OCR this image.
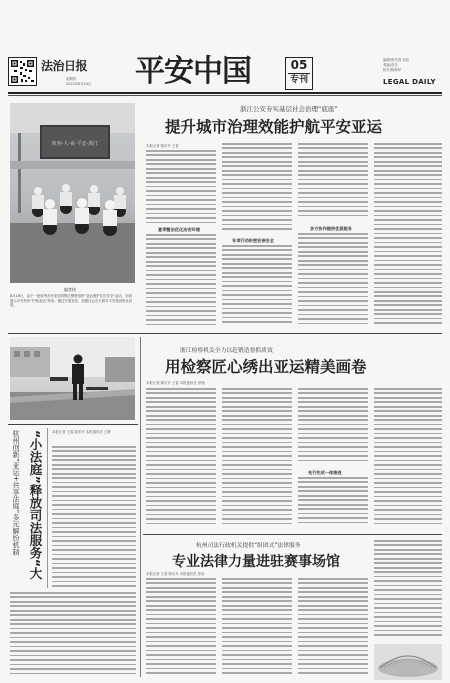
法治日报
星期四
2023年8月24日 平安中国	05
专刊
编辑/蔡长春 刘洁
美编/高岳
校对/陈海华
LEGAL DAILY
浙江公安夯实基层社会治理“底座”
提升城市治理效能护航平安亚运
杭州·大·夜·平安·浙江
编者按
8月18日，由于一批杭州市民来到拱墅区警察组织“亚运维护社区安全”活动，全面展示平安杭州“护航亚运”风采。通过开展宣传，加强社会各方面对平安建设的认同感。
本报记者 陈东升 王春
夏季整治优化治安环境
专项行动织密安保安全
多方协作提供优质服务
浙江检察机关全力以赴锻造督抓质效
用检察匠心绣出亚运精美画卷
本报记者 陈东升 王春 本报通讯员 徐翔
先行先试一体推进
杭州创新“亚运+共享法庭”多元解纷机制 “小法庭”释放司法服务“大
本报记者 王春 陈东升 本报通讯员 王静
杭州司法行政机关提供“组团式”法律服务
专业法律力量进驻赛事场馆
本报记者 王春 陈东升 本报通讯员 张岩
